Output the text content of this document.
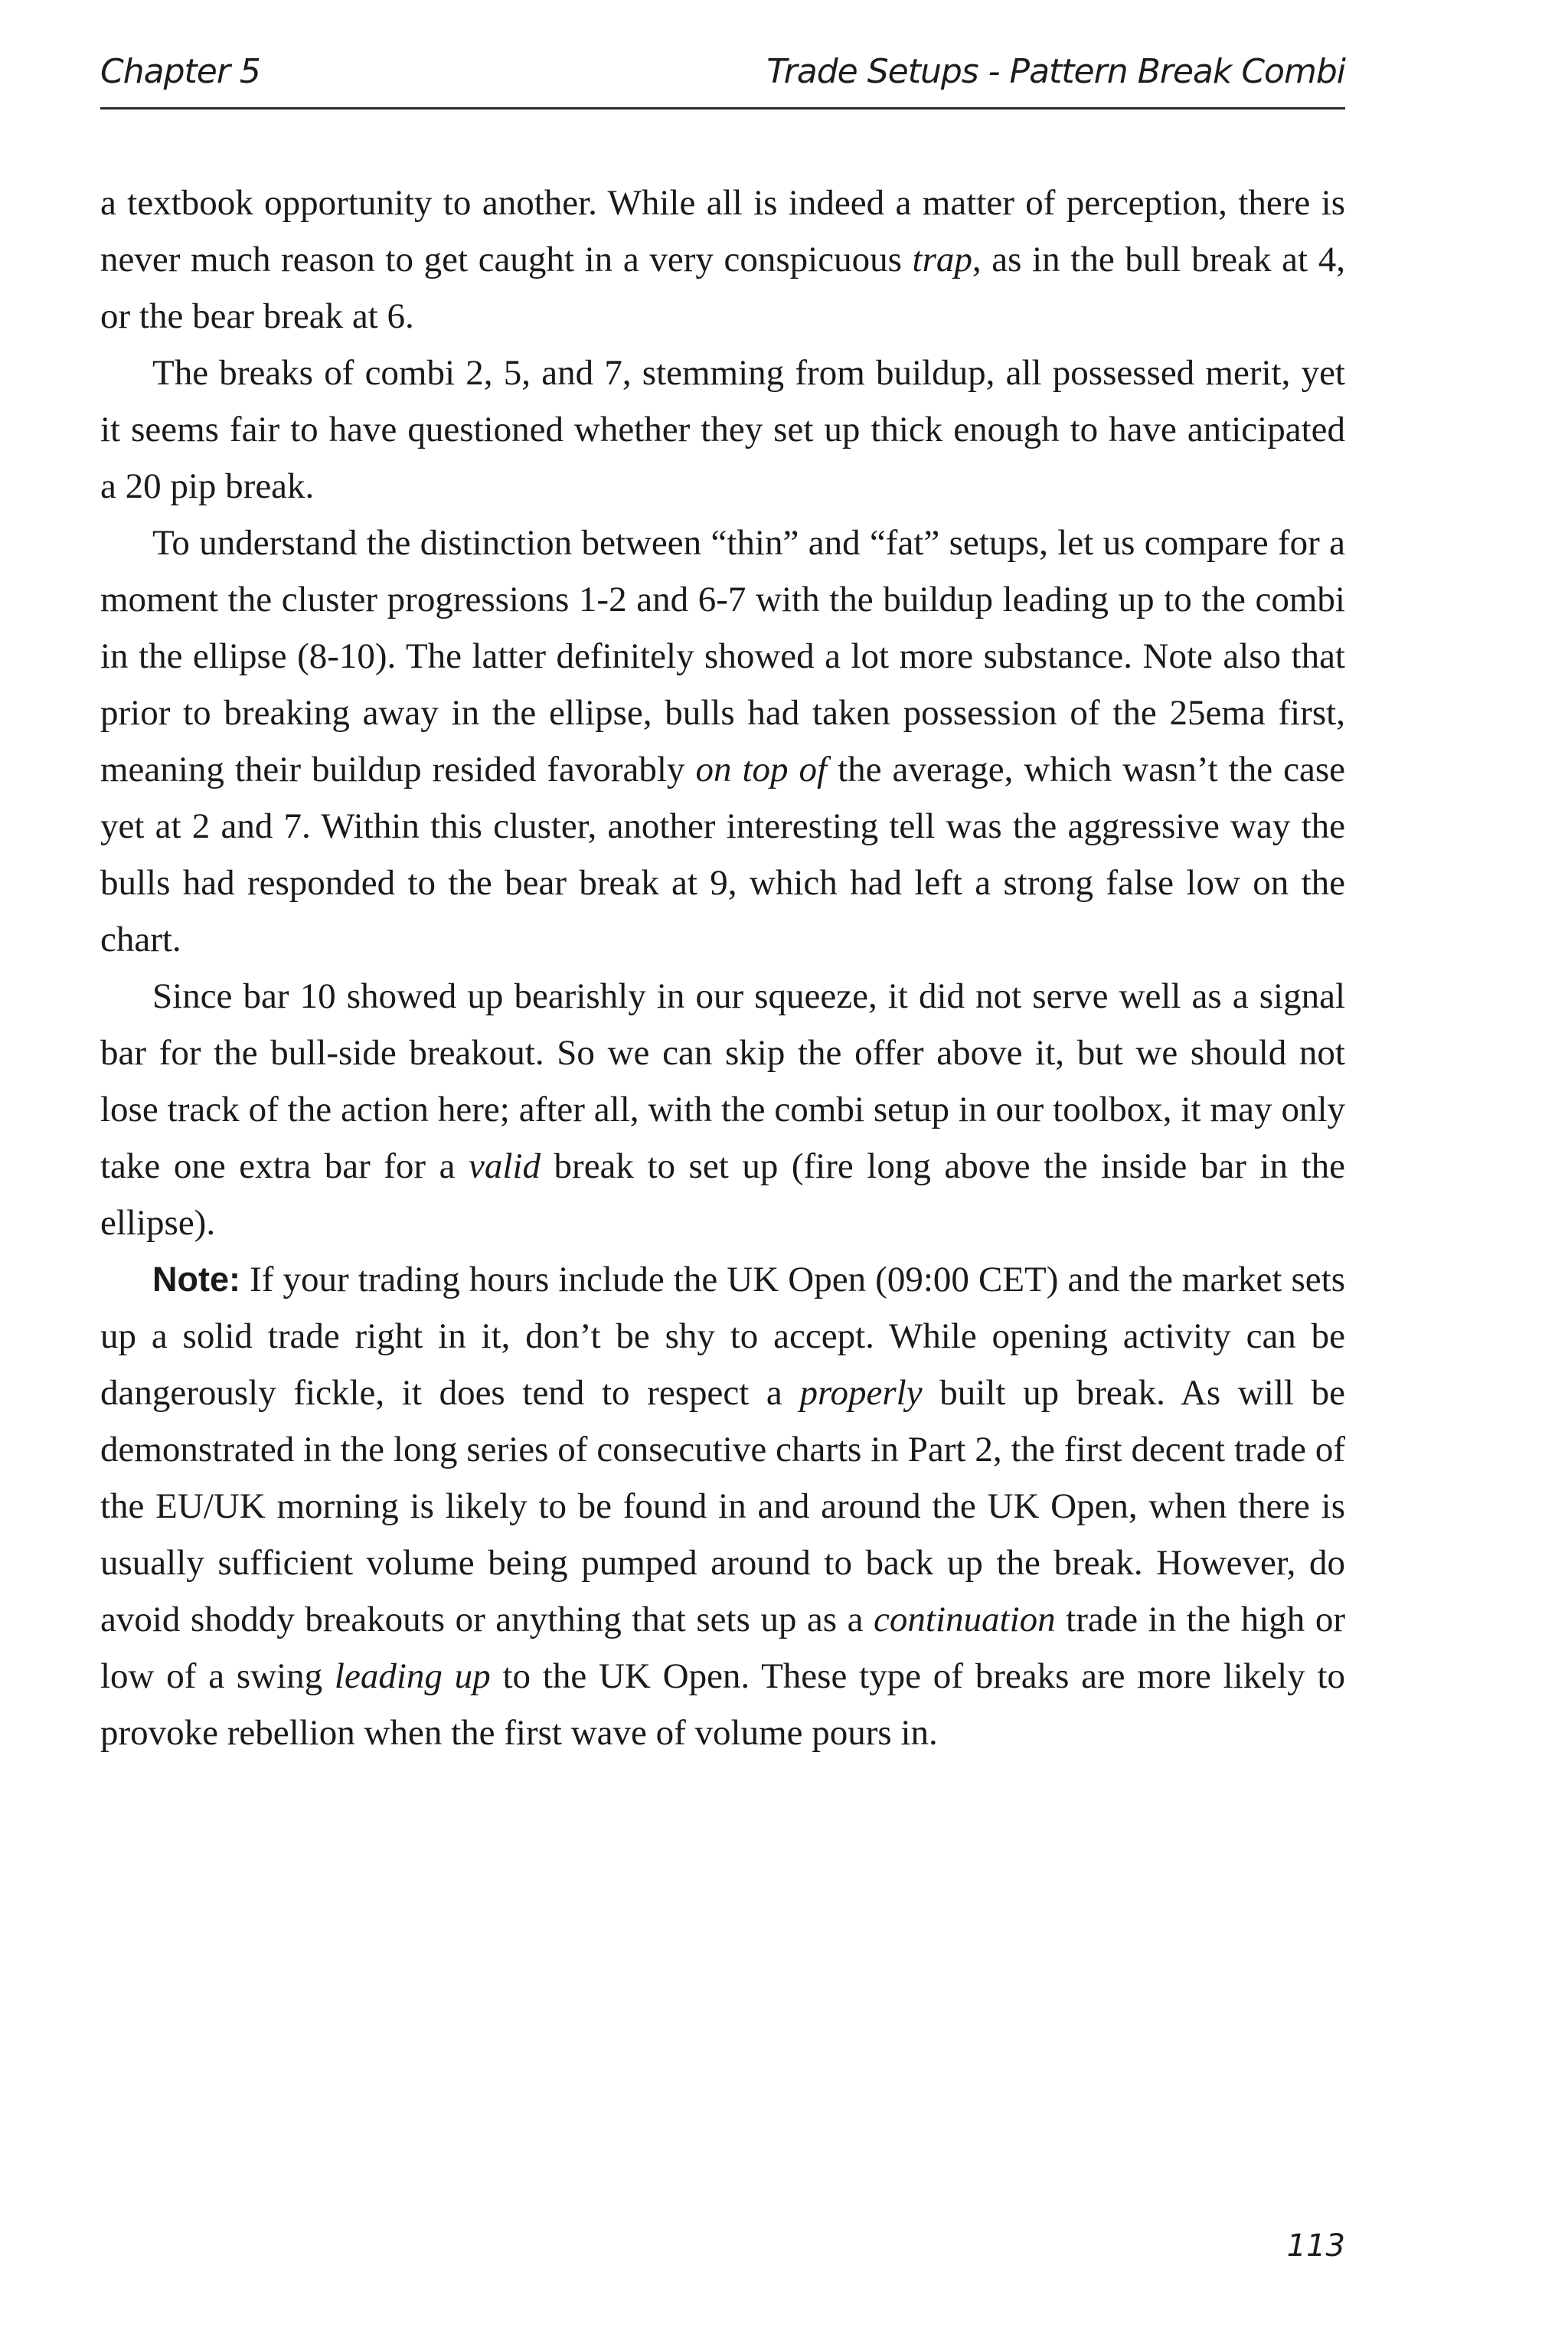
Chapter 5	Trade Setups - Pattern Break Combi

a textbook opportunity to another. While all is indeed a matter of perception, there is never much reason to get caught in a very conspicuous trap, as in the bull break at 4, or the bear break at 6.

The breaks of combi 2, 5, and 7, stemming from buildup, all possessed merit, yet it seems fair to have questioned whether they set up thick enough to have anticipated a 20 pip break.

To understand the distinction between “thin” and “fat” setups, let us compare for a moment the cluster progressions 1-2 and 6-7 with the buildup leading up to the combi in the ellipse (8-10). The latter definitely showed a lot more substance. Note also that prior to breaking away in the ellipse, bulls had taken possession of the 25ema first, meaning their buildup resided favorably on top of the average, which wasn’t the case yet at 2 and 7. Within this cluster, another interesting tell was the aggressive way the bulls had responded to the bear break at 9, which had left a strong false low on the chart.

Since bar 10 showed up bearishly in our squeeze, it did not serve well as a signal bar for the bull-side breakout. So we can skip the offer above it, but we should not lose track of the action here; after all, with the combi setup in our toolbox, it may only take one extra bar for a valid break to set up (fire long above the inside bar in the ellipse).

Note: If your trading hours include the UK Open (09:00 CET) and the market sets up a solid trade right in it, don’t be shy to accept. While opening activity can be dangerously fickle, it does tend to respect a properly built up break. As will be demonstrated in the long series of consecutive charts in Part 2, the first decent trade of the EU/UK morning is likely to be found in and around the UK Open, when there is usually sufficient volume being pumped around to back up the break. However, do avoid shoddy breakouts or anything that sets up as a continuation trade in the high or low of a swing leading up to the UK Open. These type of breaks are more likely to provoke rebellion when the first wave of volume pours in.

113
